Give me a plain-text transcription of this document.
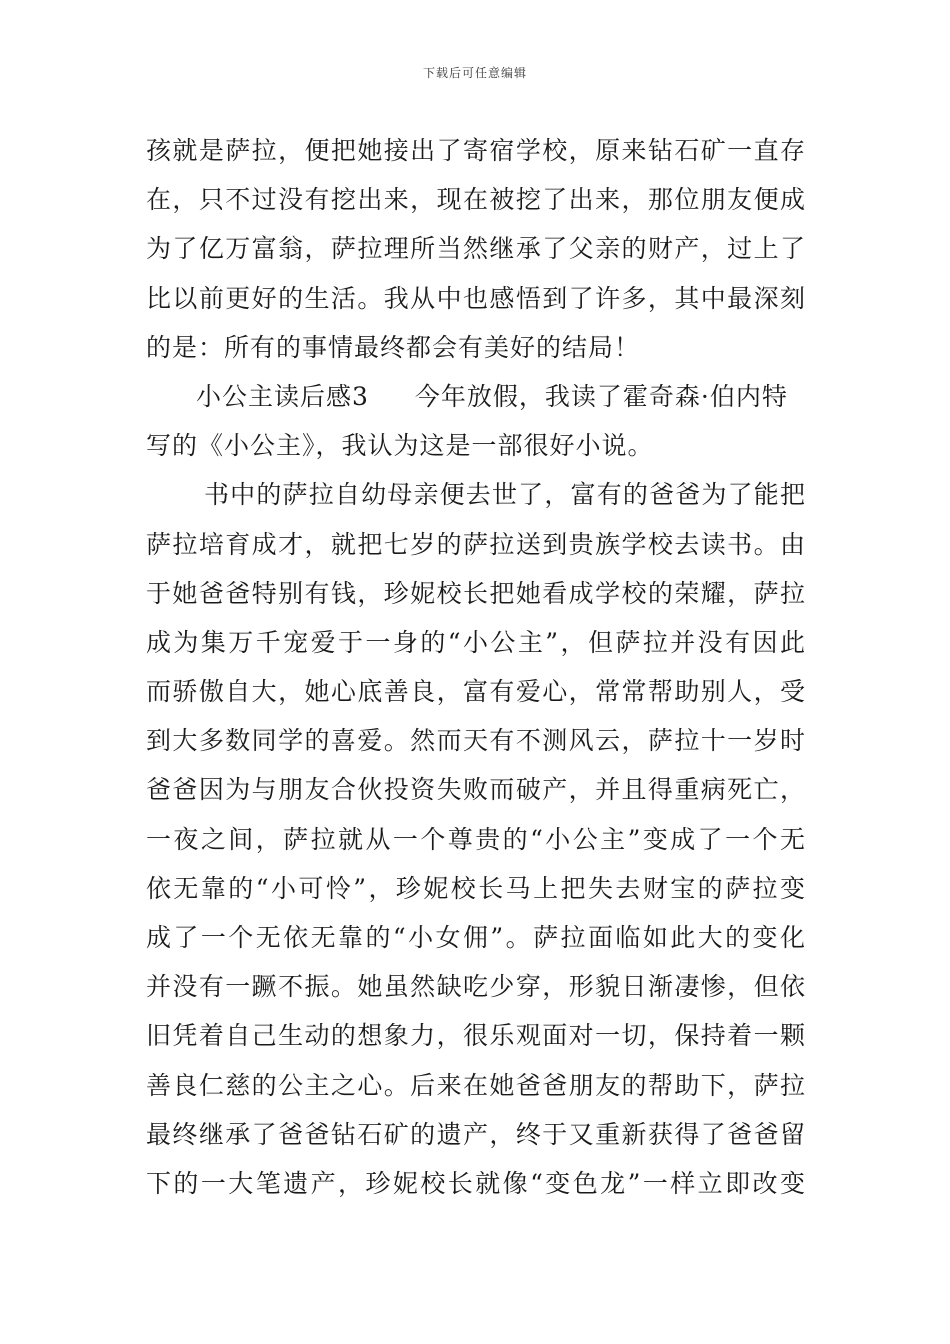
下载后可任意编辑
孩就是萨拉，便把她接出了寄宿学校，原来钻石矿一直存
在，只不过没有挖出来，现在被挖了出来，那位朋友便成
为了亿万富翁，萨拉理所当然继承了父亲的财产，过上了
比以前更好的生活。我从中也感悟到了许多，其中最深刻
的是：所有的事情最终都会有美好的结局！
小公主读后感3 今年放假，我读了霍奇森·伯内特
写的《小公主》，我认为这是一部很好小说。
书中的萨拉自幼母亲便去世了，富有的爸爸为了能把
萨拉培育成才，就把七岁的萨拉送到贵族学校去读书。由
于她爸爸特别有钱，珍妮校长把她看成学校的荣耀，萨拉
成为集万千宠爱于一身的“小公主”，但萨拉并没有因此
而骄傲自大，她心底善良，富有爱心，常常帮助别人，受
到大多数同学的喜爱。然而天有不测风云，萨拉十一岁时
爸爸因为与朋友合伙投资失败而破产，并且得重病死亡，
一夜之间，萨拉就从一个尊贵的“小公主”变成了一个无
依无靠的“小可怜”，珍妮校长马上把失去财宝的萨拉变
成了一个无依无靠的“小女佣”。萨拉面临如此大的变化
并没有一蹶不振。她虽然缺吃少穿，形貌日渐凄惨，但依
旧凭着自己生动的想象力，很乐观面对一切，保持着一颗
善良仁慈的公主之心。后来在她爸爸朋友的帮助下，萨拉
最终继承了爸爸钻石矿的遗产，终于又重新获得了爸爸留
下的一大笔遗产，珍妮校长就像“变色龙”一样立即改变
